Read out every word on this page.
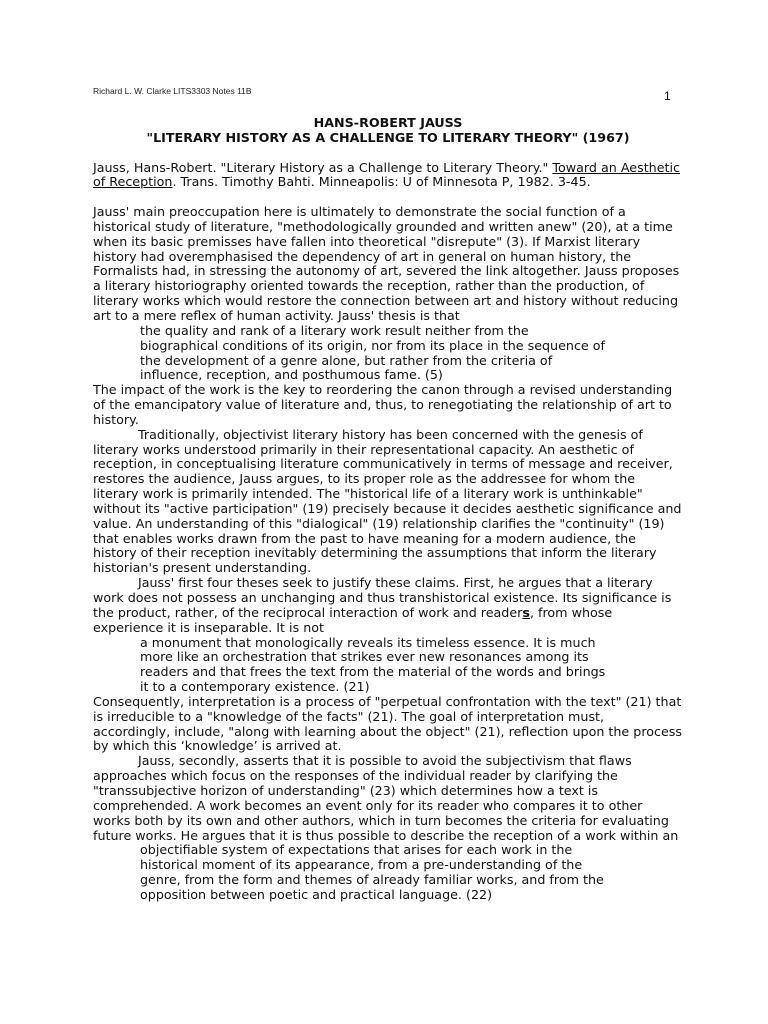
Richard L. W. Clarke LITS3303 Notes 11B	1

HANS-ROBERT JAUSS

"LITERARY HISTORY AS A CHALLENGE TO LITERARY THEORY" (1967)

Jauss, Hans-Robert. "Literary History as a Challenge to Literary Theory." Toward an Aesthetic of Reception. Trans. Timothy Bahti. Minneapolis: U of Minnesota P, 1982. 3-45.

Jauss' main preoccupation here is ultimately to demonstrate the social function of a historical study of literature, "methodologically grounded and written anew" (20), at a time when its basic premisses have fallen into theoretical "disrepute" (3). If Marxist literary history had overemphasised the dependency of art in general on human history, the Formalists had, in stressing the autonomy of art, severed the link altogether. Jauss proposes a literary historiography oriented towards the reception, rather than the production, of literary works which would restore the connection between art and history without reducing art to a mere reflex of human activity. Jauss' thesis is that

the quality and rank of a literary work result neither from the biographical conditions of its origin, nor from its place in the sequence of the development of a genre alone, but rather from the criteria of influence, reception, and posthumous fame. (5)

The impact of the work is the key to reordering the canon through a revised understanding of the emancipatory value of literature and, thus, to renegotiating the relationship of art to history.

Traditionally, objectivist literary history has been concerned with the genesis of literary works understood primarily in their representational capacity. An aesthetic of reception, in conceptualising literature communicatively in terms of message and receiver, restores the audience, Jauss argues, to its proper role as the addressee for whom the literary work is primarily intended. The "historical life of a literary work is unthinkable" without its "active participation" (19) precisely because it decides aesthetic significance and value. An understanding of this "dialogical" (19) relationship clarifies the "continuity" (19) that enables works drawn from the past to have meaning for a modern audience, the history of their reception inevitably determining the assumptions that inform the literary historian's present understanding.

Jauss' first four theses seek to justify these claims. First, he argues that a literary work does not possess an unchanging and thus transhistorical existence. Its significance is the product, rather, of the reciprocal interaction of work and readers, from whose experience it is inseparable. It is not

a monument that monologically reveals its timeless essence. It is much more like an orchestration that strikes ever new resonances among its readers and that frees the text from the material of the words and brings it to a contemporary existence. (21)

Consequently, interpretation is a process of "perpetual confrontation with the text" (21) that is irreducible to a "knowledge of the facts" (21). The goal of interpretation must, accordingly, include, "along with learning about the object" (21), reflection upon the process by which this ‘knowledge’ is arrived at.

Jauss, secondly, asserts that it is possible to avoid the subjectivism that flaws approaches which focus on the responses of the individual reader by clarifying the "transsubjective horizon of understanding" (23) which determines how a text is comprehended. A work becomes an event only for its reader who compares it to other works both by its own and other authors, which in turn becomes the criteria for evaluating future works. He argues that it is thus possible to describe the reception of a work within an

objectifiable system of expectations that arises for each work in the historical moment of its appearance, from a pre-understanding of the genre, from the form and themes of already familiar works, and from the opposition between poetic and practical language. (22)
